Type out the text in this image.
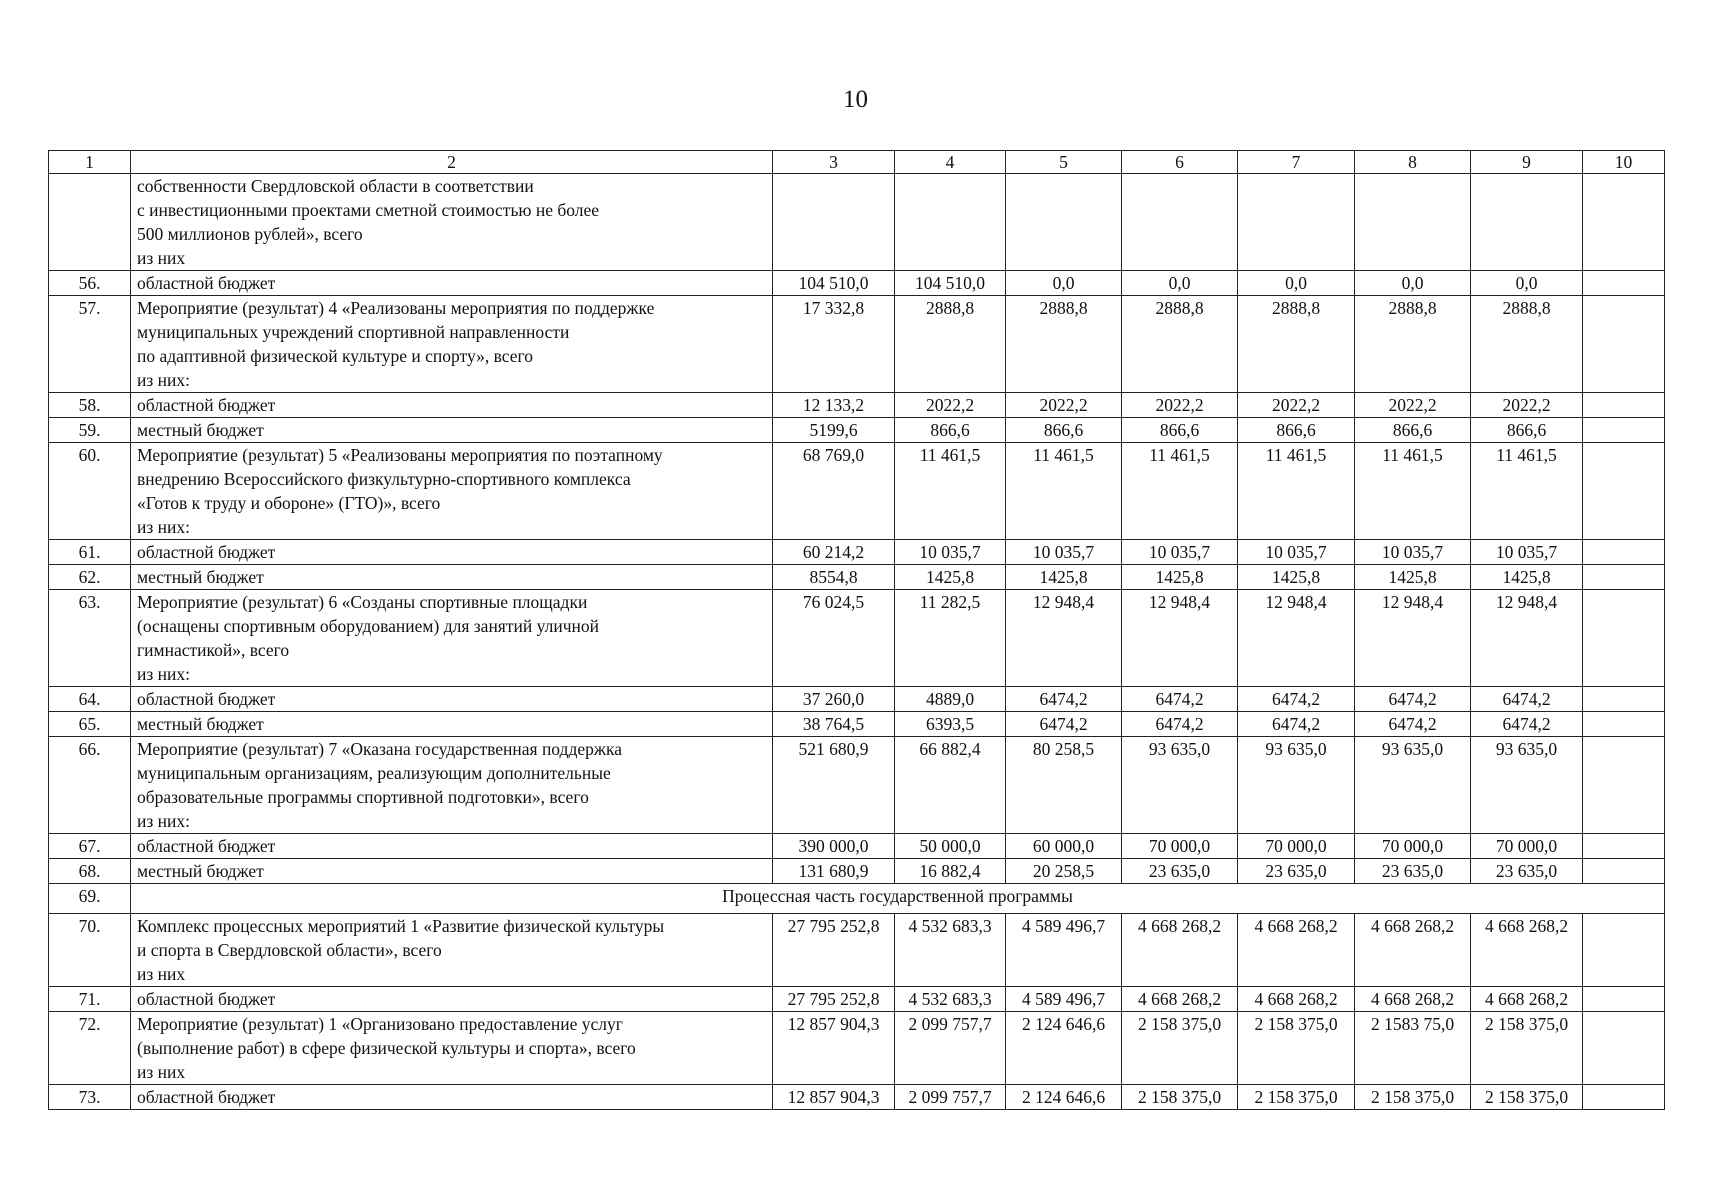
10
1	2	3	4	5	6	7	8	9	10

	собственности Свердловской области в соответствии
с инвестиционными проектами сметной стоимостью не более
500 миллионов рублей», всего
из них								

56.	областной бюджет	104 510,0	104 510,0	0,0	0,0	0,0	0,0	0,0	
57.	Мероприятие (результат) 4 «Реализованы мероприятия по поддержке
муниципальных учреждений спортивной направленности
по адаптивной физической культуре и спорту», всего
из них:	17 332,8	2888,8	2888,8	2888,8	2888,8	2888,8	2888,8	
58.	областной бюджет	12 133,2	2022,2	2022,2	2022,2	2022,2	2022,2	2022,2	
59.	местный бюджет	5199,6	866,6	866,6	866,6	866,6	866,6	866,6	
60.	Мероприятие (результат) 5 «Реализованы мероприятия по поэтапному
внедрению Всероссийского физкультурно-спортивного комплекса
«Готов к труду и обороне» (ГТО)», всего
из них:	68 769,0	11 461,5	11 461,5	11 461,5	11 461,5	11 461,5	11 461,5	
61.	областной бюджет	60 214,2	10 035,7	10 035,7	10 035,7	10 035,7	10 035,7	10 035,7	
62.	местный бюджет	8554,8	1425,8	1425,8	1425,8	1425,8	1425,8	1425,8	
63.	Мероприятие (результат) 6 «Созданы спортивные площадки
(оснащены спортивным оборудованием) для занятий уличной
гимнастикой», всего
из них:	76 024,5	11 282,5	12 948,4	12 948,4	12 948,4	12 948,4	12 948,4	
64.	областной бюджет	37 260,0	4889,0	6474,2	6474,2	6474,2	6474,2	6474,2	
65.	местный бюджет	38 764,5	6393,5	6474,2	6474,2	6474,2	6474,2	6474,2	
66.	Мероприятие (результат) 7 «Оказана государственная поддержка
муниципальным организациям, реализующим дополнительные
образовательные программы спортивной подготовки», всего
из них:	521 680,9	66 882,4	80 258,5	93 635,0	93 635,0	93 635,0	93 635,0	
67.	областной бюджет	390 000,0	50 000,0	60 000,0	70 000,0	70 000,0	70 000,0	70 000,0	
68.	местный бюджет	131 680,9	16 882,4	20 258,5	23 635,0	23 635,0	23 635,0	23 635,0	
69.	Процессная часть государственной программы								
70.	Комплекс процессных мероприятий 1 «Развитие физической культуры
и спорта в Свердловской области», всего
из них	27 795 252,8	4 532 683,3	4 589 496,7	4 668 268,2	4 668 268,2	4 668 268,2	4 668 268,2	
71.	областной бюджет	27 795 252,8	4 532 683,3	4 589 496,7	4 668 268,2	4 668 268,2	4 668 268,2	4 668 268,2	
72.	Мероприятие (результат) 1 «Организовано предоставление услуг
(выполнение работ) в сфере физической культуры и спорта», всего
из них	12 857 904,3	2 099 757,7	2 124 646,6	2 158 375,0	2 158 375,0	2 1583 75,0	2 158 375,0	
73.	областной бюджет	12 857 904,3	2 099 757,7	2 124 646,6	2 158 375,0	2 158 375,0	2 158 375,0	2 158 375,0	
